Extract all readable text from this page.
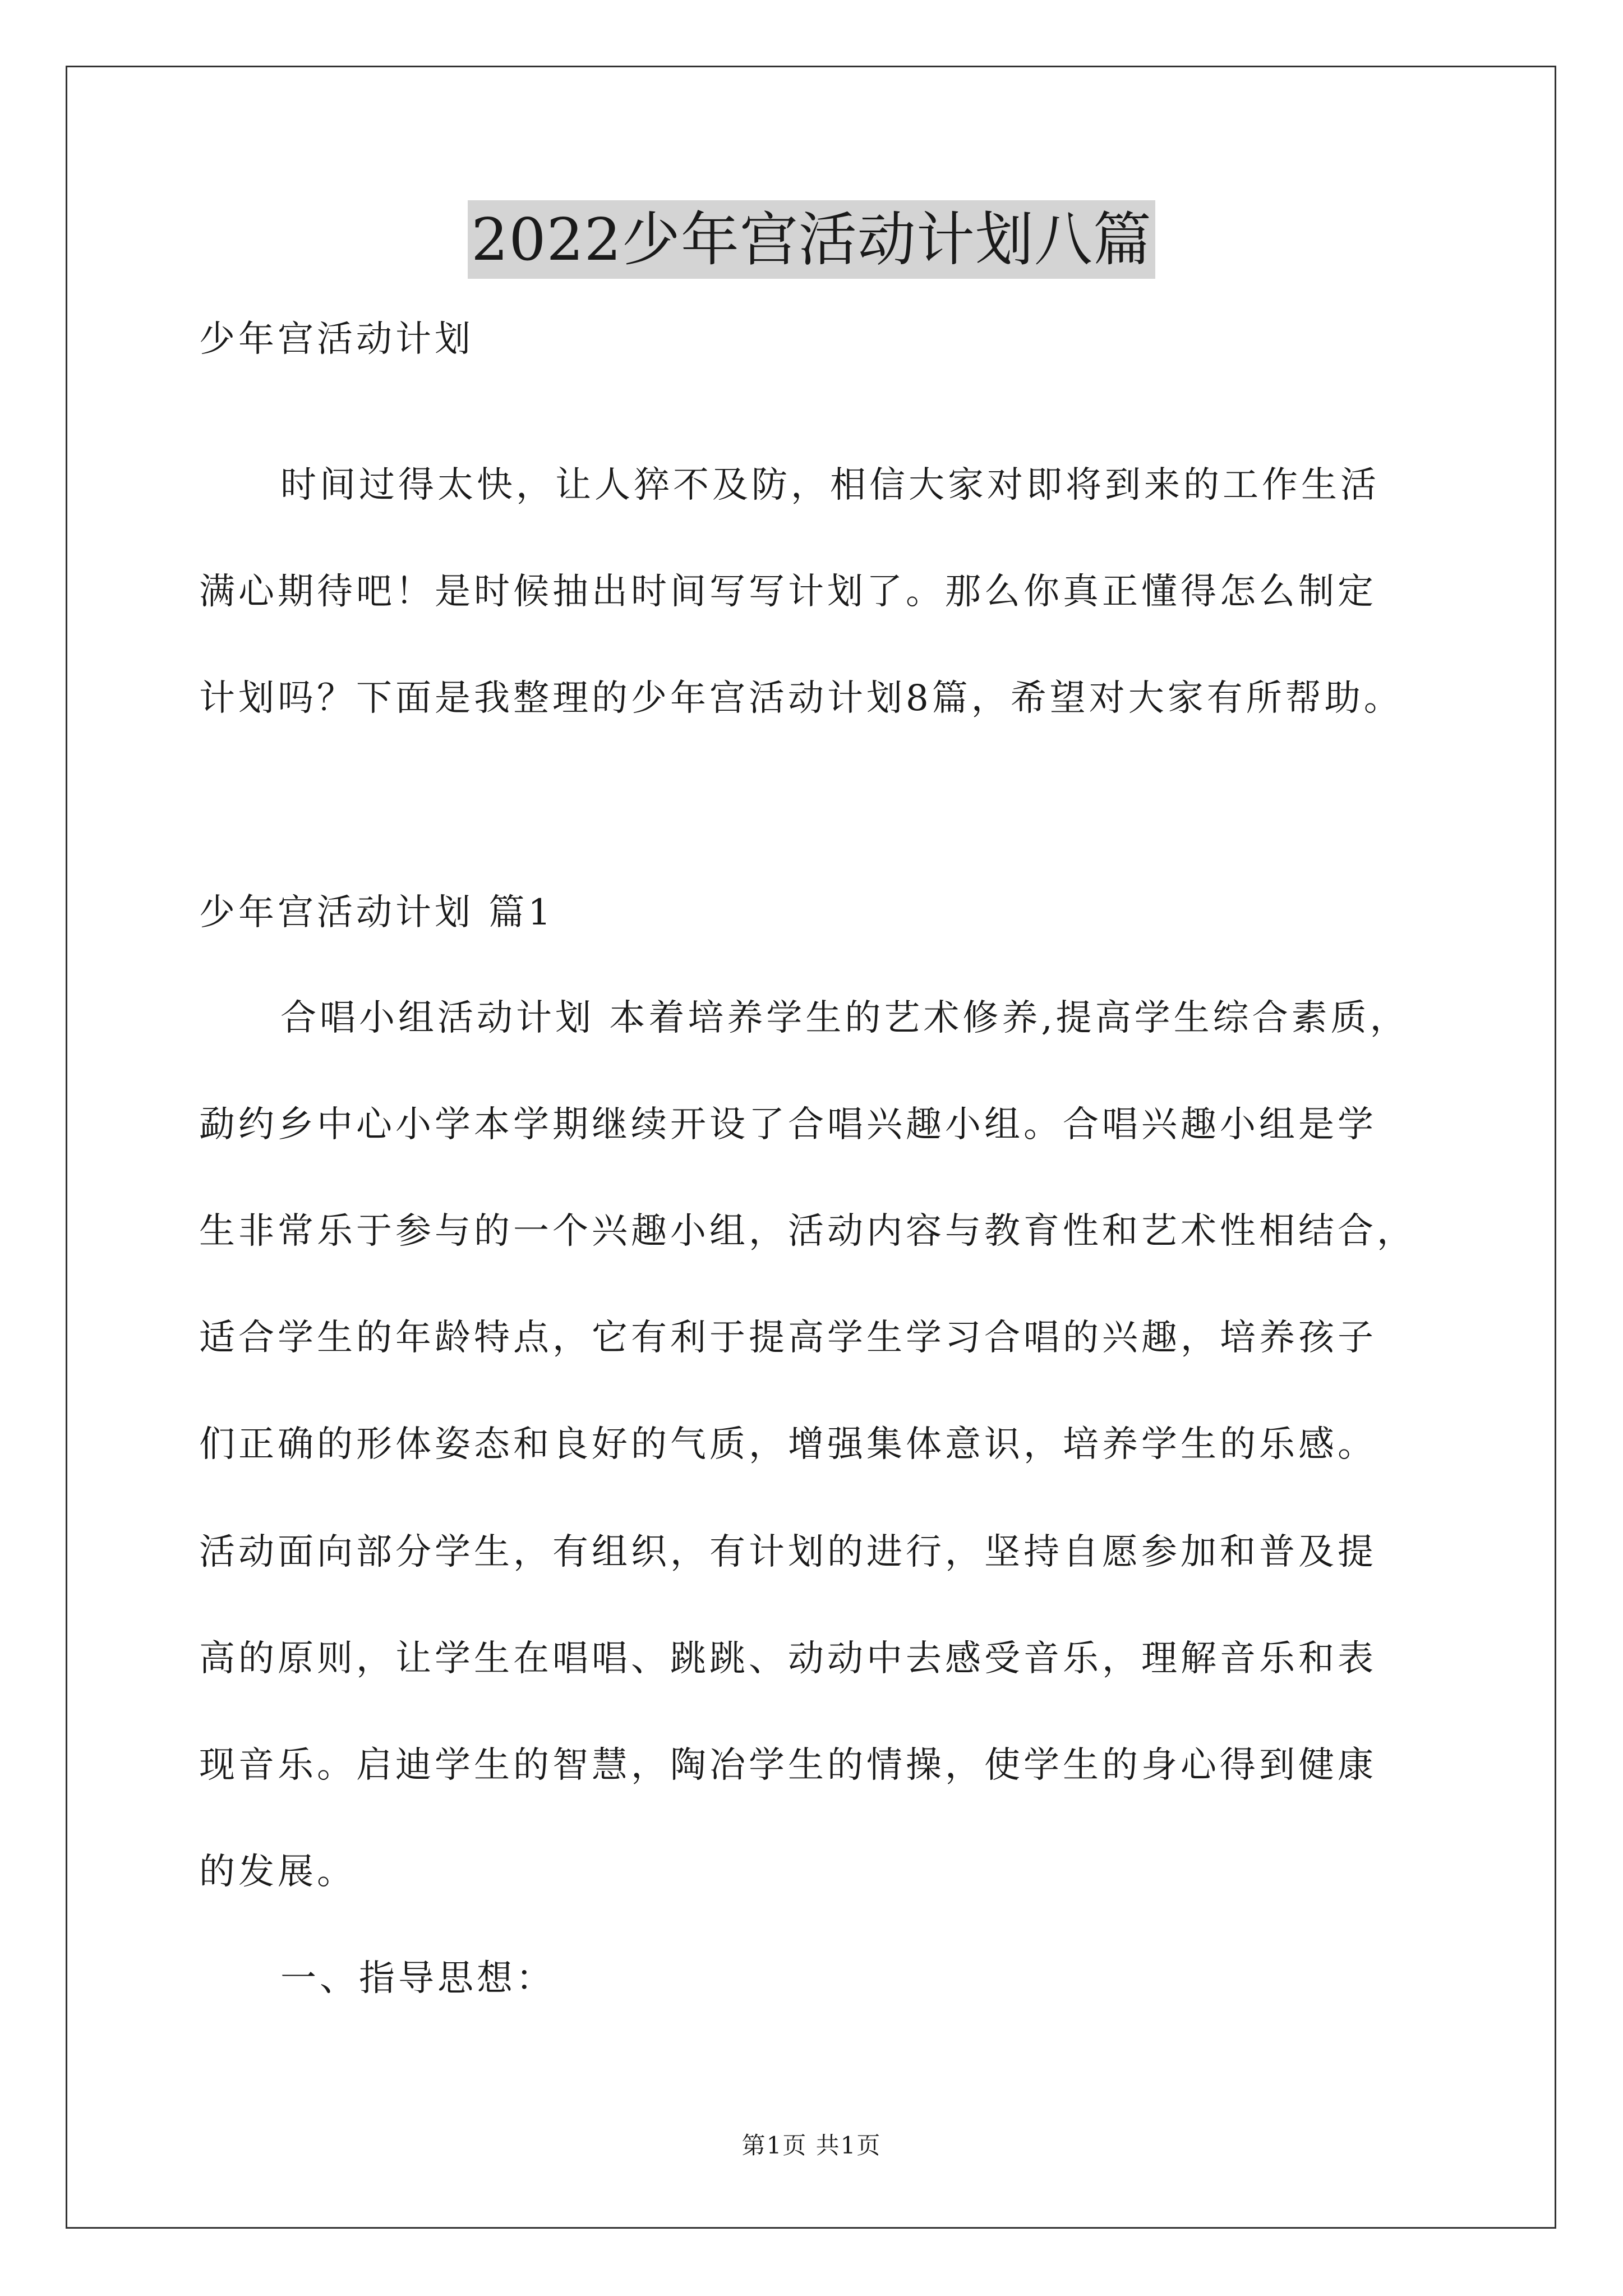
2022少年宫活动计划八篇
少年宫活动计划
时间过得太快，让人猝不及防，相信大家对即将到来的工作生活
满心期待吧！是时候抽出时间写写计划了。那么你真正懂得怎么制定
计划吗？下面是我整理的少年宫活动计划8篇，希望对大家有所帮助。
少年宫活动计划 篇1
合唱小组活动计划 本着培养学生的艺术修养,提高学生综合素质，
勐约乡中心小学本学期继续开设了合唱兴趣小组。合唱兴趣小组是学
生非常乐于参与的一个兴趣小组，活动内容与教育性和艺术性相结合，
适合学生的年龄特点，它有利于提高学生学习合唱的兴趣，培养孩子
们正确的形体姿态和良好的气质，增强集体意识，培养学生的乐感。
活动面向部分学生，有组织，有计划的进行，坚持自愿参加和普及提
高的原则，让学生在唱唱、跳跳、动动中去感受音乐，理解音乐和表
现音乐。启迪学生的智慧，陶冶学生的情操，使学生的身心得到健康
的发展。
一、指导思想：
第1页 共1页
